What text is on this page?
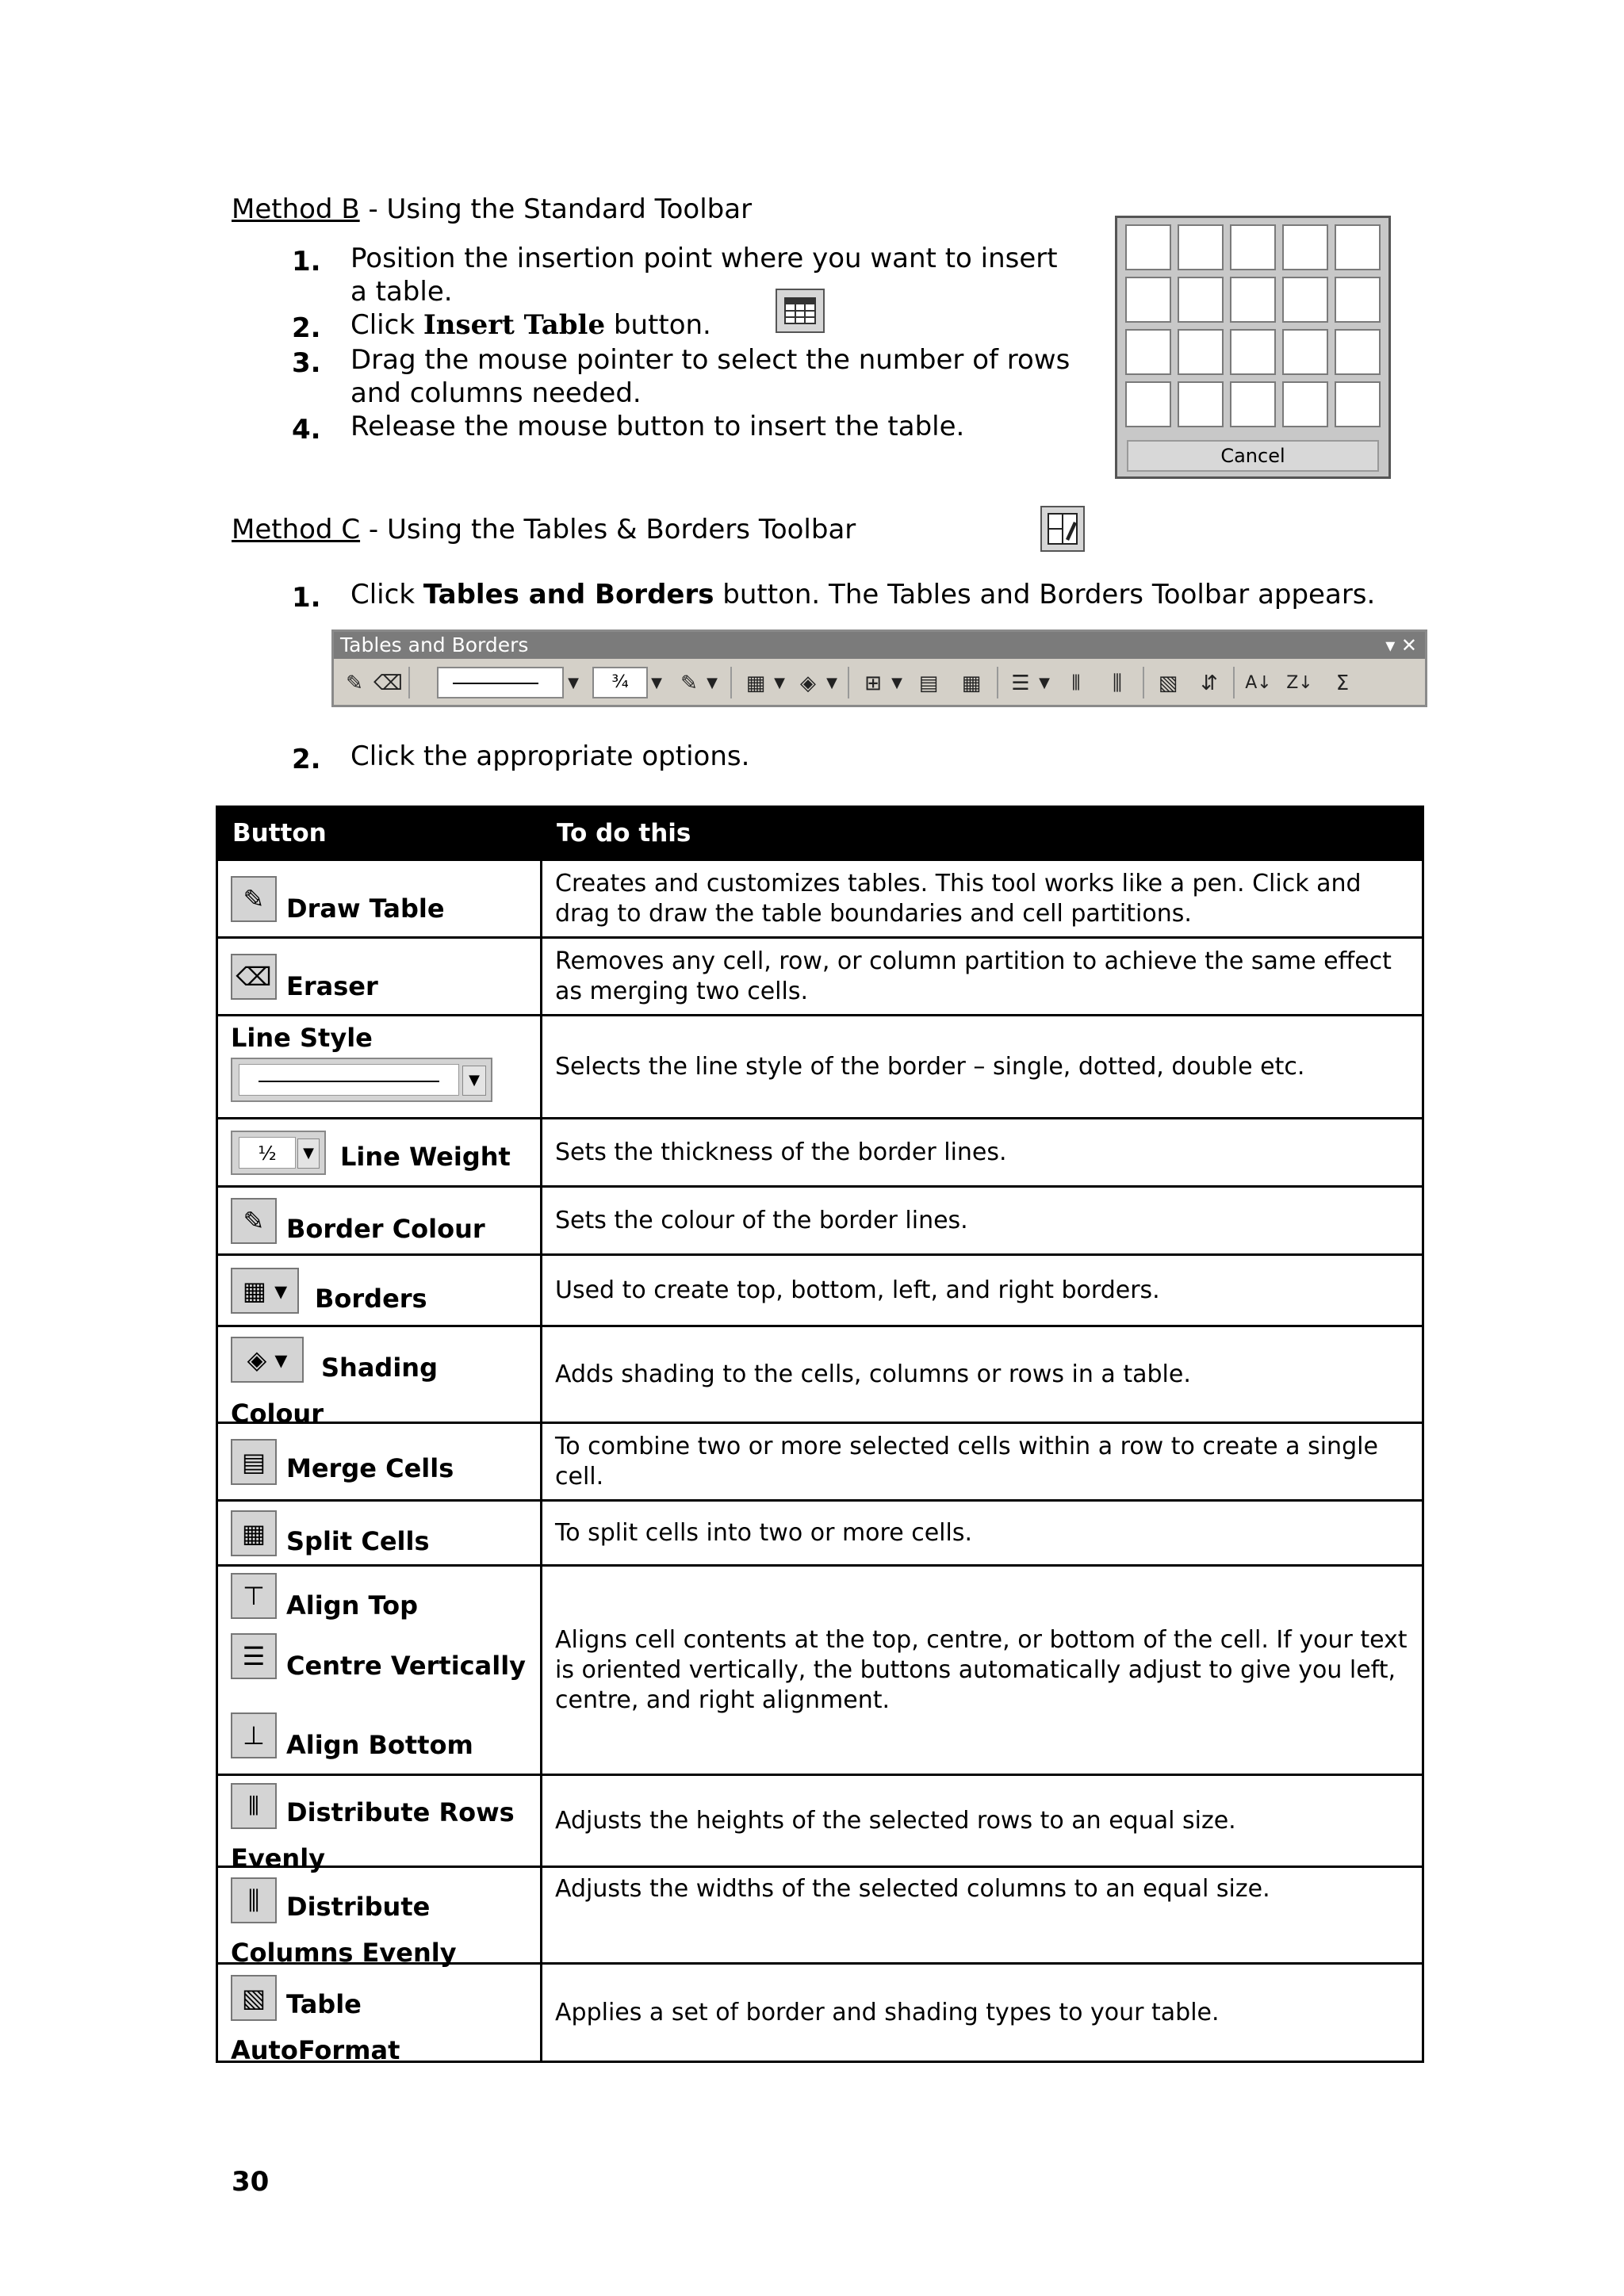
Method B - Using the Standard Toolbar
1. Position the insertion point where you want to insert
a table.
2. Click Insert Table button.
3. Drag the mouse pointer to select the number of rows
and columns needed.
4. Release the mouse button to insert the table.
Cancel
Method C - Using the Tables & Borders Toolbar
1. Click Tables and Borders button. The Tables and Borders Toolbar appears.
Tables and Borders	▾ ✕
✎ ⌫	▼	¾	▼ ✎ ▼ ▦ ▼ ◈ ▼	⊞ ▼ ▤	▦	☰ ▼	⫴	⫼	▧	⇵	A↓ Z↓	Σ
2. Click the appropriate options.
Button	To do this
✎ Draw Table	Creates and customizes tables. This tool works like a pen. Click and drag to draw the table boundaries and cell partitions.
⌫ Eraser	Removes any cell, row, or column partition to achieve the same effect as merging two cells.

Line Style
▼	Selects the line style of the border – single, dotted, double etc.

½ ▼ Line Weight	Sets the thickness of the border lines.
✎ Border Colour	Sets the colour of the border lines.
▦ ▾ Borders	Used to create top, bottom, left, and right borders.
◈ ▾ Shading Colour	Adds shading to the cells, columns or rows in a table.
▤ Merge Cells	To combine two or more selected cells within a row to create a single cell.
▦ Split Cells	To split cells into two or more cells.

⊤ Align Top
☰ Centre Vertically
⊥ Align Bottom	Aligns cell contents at the top, centre, or bottom of the cell. If your text is oriented vertically, the buttons automatically adjust to give you left, centre, and right alignment.
⫴ Distribute Rows Evenly	Adjusts the heights of the selected rows to an equal size.
⫼ Distribute Columns Evenly	Adjusts the widths of the selected columns to an equal size.
▧ Table AutoFormat	Applies a set of border and shading types to your table.
30
